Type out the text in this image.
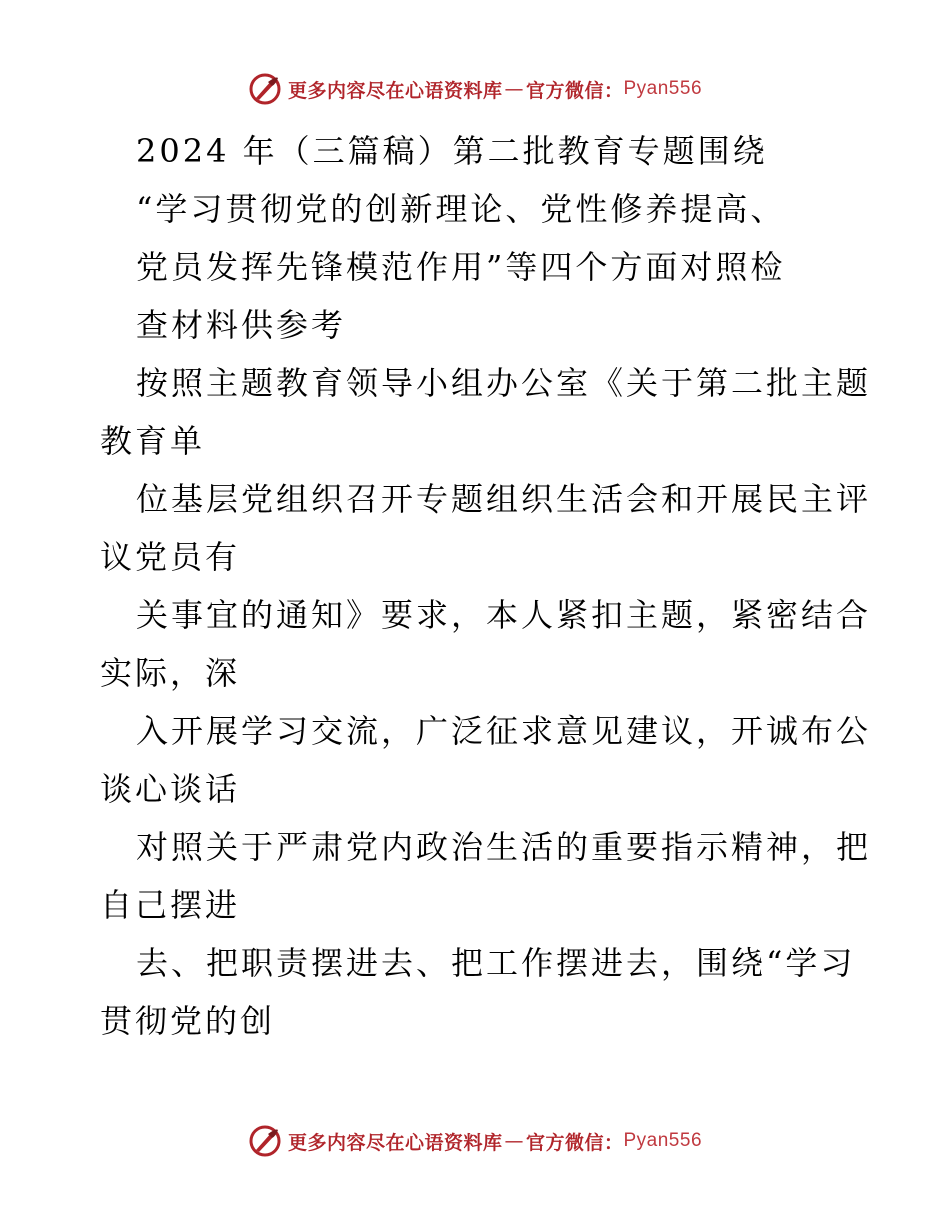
更多内容尽在心语资料库 — 官方微信： Pyan556
2024 年（三篇稿）第二批教育专题围绕
“学习贯彻党的创新理论、党性修养提高、
党员发挥先锋模范作用”等四个方面对照检
查材料供参考
按照主题教育领导小组办公室《关于第二批主题
教育单
位基层党组织召开专题组织生活会和开展民主评
议党员有
关事宜的通知》要求，本人紧扣主题，紧密结合
实际，深
入开展学习交流，广泛征求意见建议，开诚布公
谈心谈话
对照关于严肃党内政治生活的重要指示精神，把
自己摆进
去、把职责摆进去、把工作摆进去，围绕“学习
贯彻党的创
更多内容尽在心语资料库 — 官方微信： Pyan556
